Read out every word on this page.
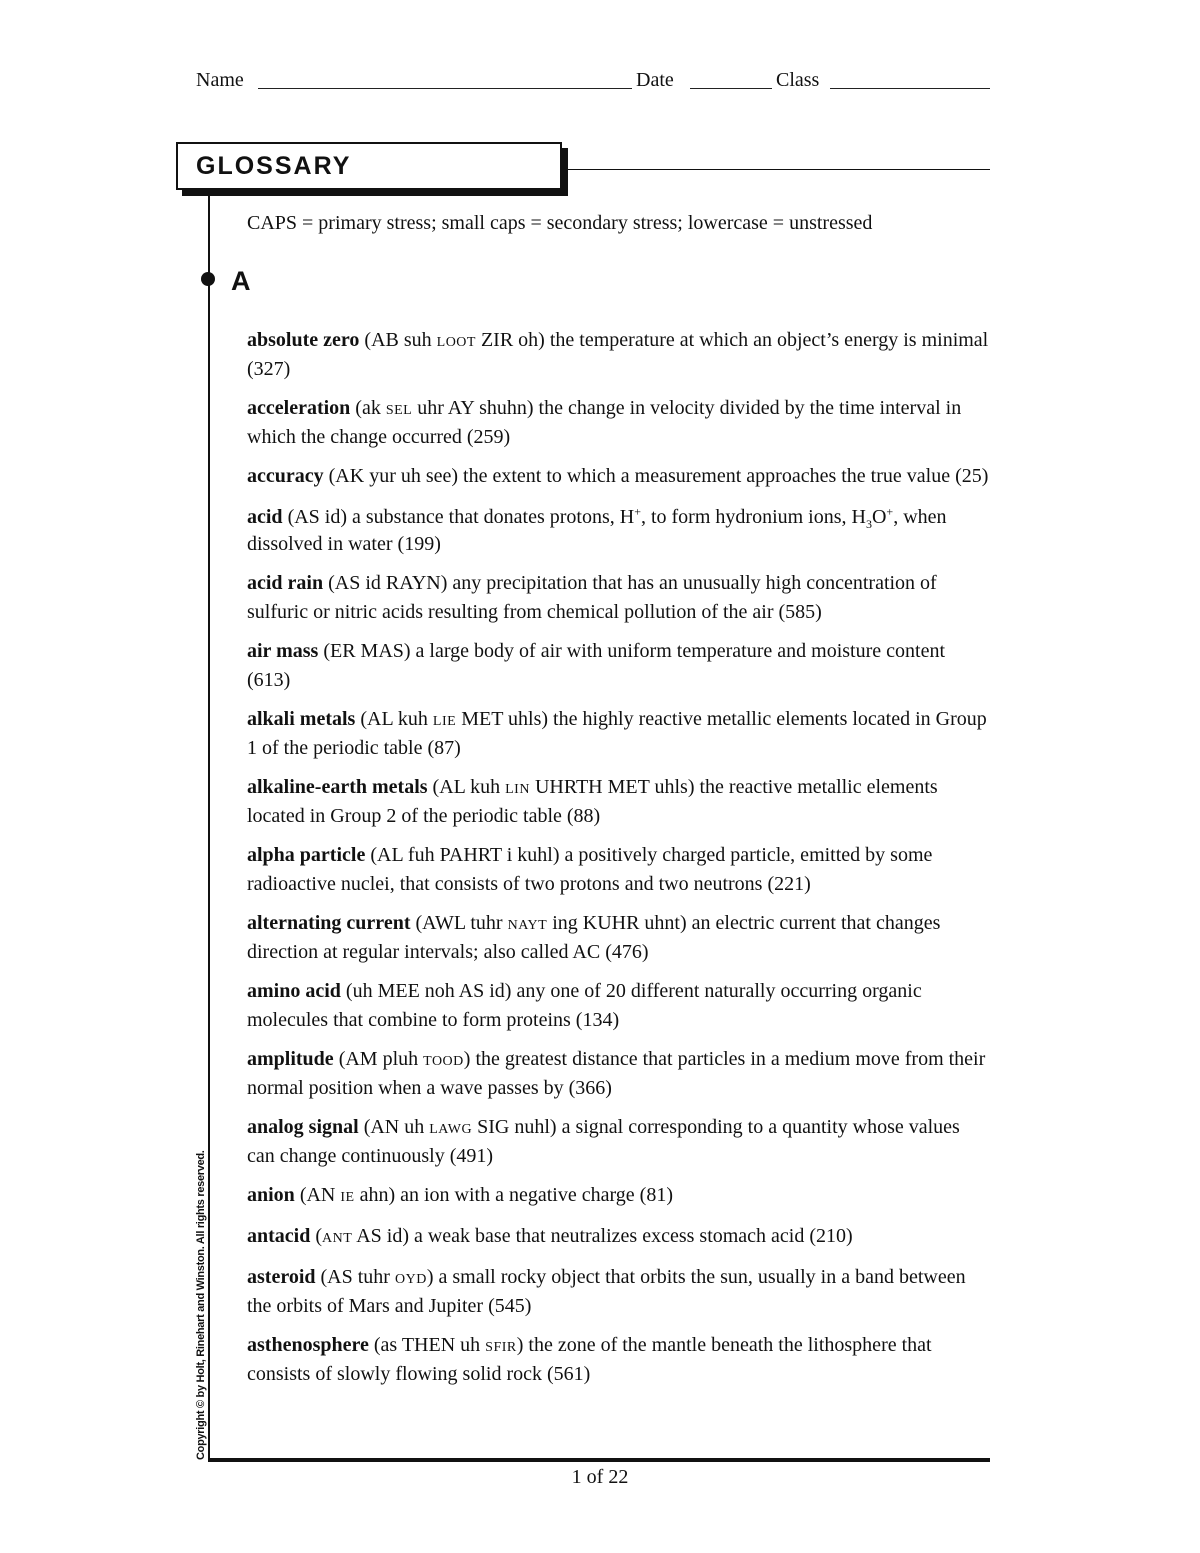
Name	Date	Class
GLOSSARY
CAPS = primary stress; small caps = secondary stress; lowercase = unstressed
A
absolute zero (AB suh LOOT ZIR oh) the temperature at which an object’s energy is minimal (327)
acceleration (ak SEL uhr AY shuhn) the change in velocity divided by the time interval in which the change occurred (259)
accuracy (AK yur uh see) the extent to which a measurement approaches the true value (25)
acid (AS id) a substance that donates protons, H+, to form hydronium ions, $H_3O^+$, when dissolved in water (199)
acid rain (AS id RAYN) any precipitation that has an unusually high concentration of sulfuric or nitric acids resulting from chemical pollution of the air (585)
air mass (ER MAS) a large body of air with uniform temperature and moisture content (613)
alkali metals (AL kuh LIE MET uhls) the highly reactive metallic elements located in Group 1 of the periodic table (87)
alkaline-earth metals (AL kuh LIN UHRTH MET uhls) the reactive metallic elements located in Group 2 of the periodic table (88)
alpha particle (AL fuh PAHRT i kuhl) a positively charged particle, emitted by some radioactive nuclei, that consists of two protons and two neutrons (221)
alternating current (AWL tuhr NAYT ing KUHR uhnt) an electric current that changes direction at regular intervals; also called AC (476)
amino acid (uh MEE noh AS id) any one of 20 different naturally occurring organic molecules that combine to form proteins (134)
amplitude (AM pluh TOOD) the greatest distance that particles in a medium move from their normal position when a wave passes by (366)
analog signal (AN uh LAWG SIG nuhl) a signal corresponding to a quantity whose values can change continuously (491)
anion (AN IE ahn) an ion with a negative charge (81)
antacid (ANT AS id) a weak base that neutralizes excess stomach acid (210)
asteroid (AS tuhr OYD) a small rocky object that orbits the sun, usually in a band between the orbits of Mars and Jupiter (545)
asthenosphere (as THEN uh SFIR) the zone of the mantle beneath the lithosphere that consists of slowly flowing solid rock (561)
Copyright © by Holt, Rinehart and Winston. All rights reserved.
1 of 22
